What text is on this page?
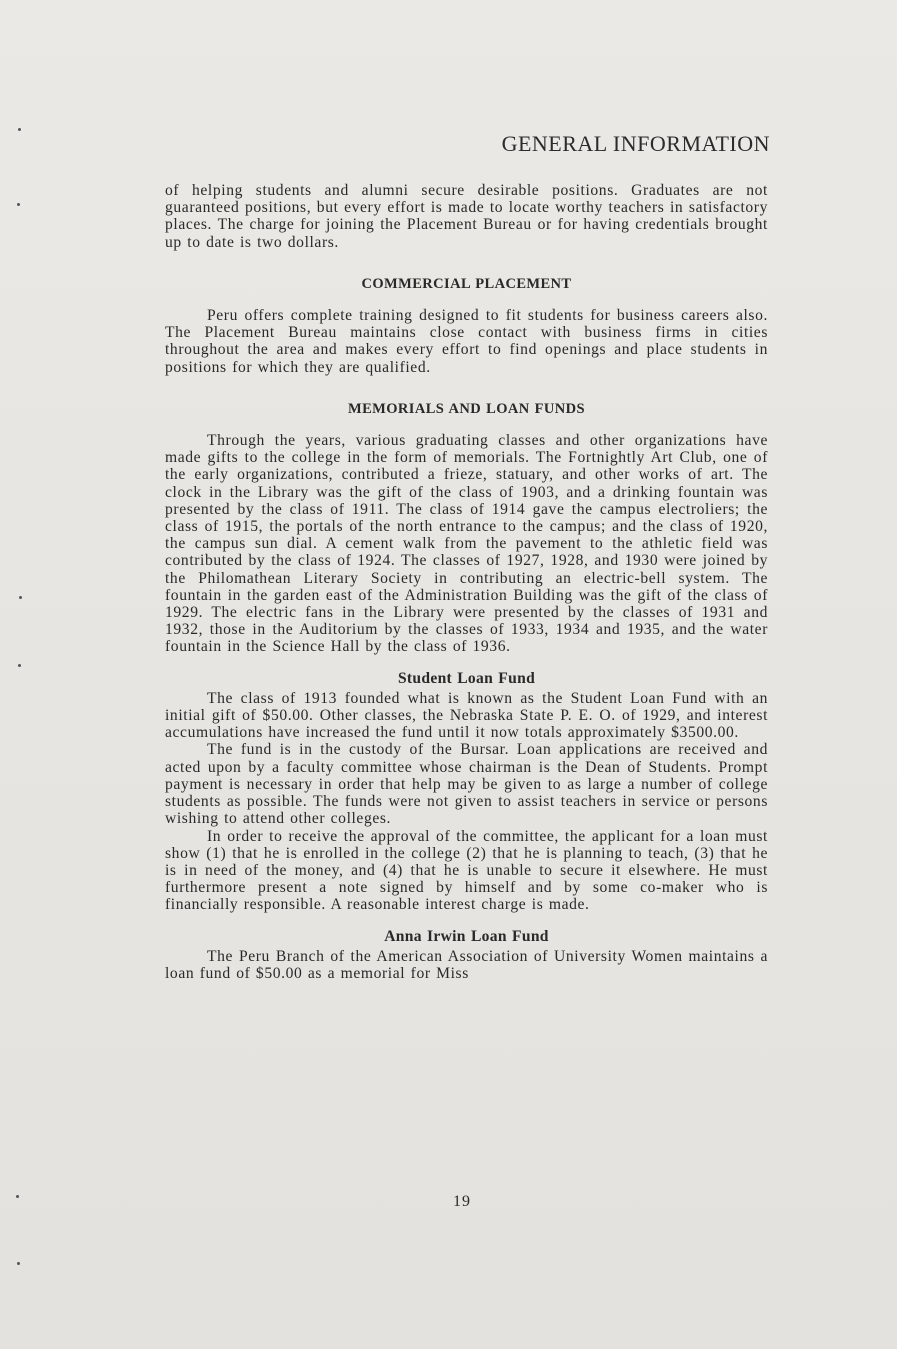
GENERAL INFORMATION

of helping students and alumni secure desirable positions. Graduates are not guaranteed positions, but every effort is made to locate worthy teachers in satisfactory places. The charge for joining the Placement Bureau or for having credentials brought up to date is two dollars.

COMMERCIAL PLACEMENT

Peru offers complete training designed to fit students for business careers also. The Placement Bureau maintains close contact with business firms in cities throughout the area and makes every effort to find openings and place students in positions for which they are qualified.

MEMORIALS AND LOAN FUNDS

Through the years, various graduating classes and other organizations have made gifts to the college in the form of memorials. The Fortnightly Art Club, one of the early organizations, contributed a frieze, statuary, and other works of art. The clock in the Library was the gift of the class of 1903, and a drinking fountain was presented by the class of 1911. The class of 1914 gave the campus electroliers; the class of 1915, the portals of the north entrance to the campus; and the class of 1920, the campus sun dial. A cement walk from the pavement to the athletic field was contributed by the class of 1924. The classes of 1927, 1928, and 1930 were joined by the Philomathean Literary Society in contributing an electric-bell system. The fountain in the garden east of the Administration Building was the gift of the class of 1929. The electric fans in the Library were presented by the classes of 1931 and 1932, those in the Auditorium by the classes of 1933, 1934 and 1935, and the water fountain in the Science Hall by the class of 1936.

Student Loan Fund

The class of 1913 founded what is known as the Student Loan Fund with an initial gift of $50.00. Other classes, the Nebraska State P. E. O. of 1929, and interest accumulations have increased the fund until it now totals approximately $3500.00.

The fund is in the custody of the Bursar. Loan applications are received and acted upon by a faculty committee whose chairman is the Dean of Students. Prompt payment is necessary in order that help may be given to as large a number of college students as possible. The funds were not given to assist teachers in service or persons wishing to attend other colleges.

In order to receive the approval of the committee, the applicant for a loan must show (1) that he is enrolled in the college (2) that he is planning to teach, (3) that he is in need of the money, and (4) that he is unable to secure it elsewhere. He must furthermore present a note signed by himself and by some co-maker who is financially responsible. A reasonable interest charge is made.

Anna Irwin Loan Fund

The Peru Branch of the American Association of University Women maintains a loan fund of $50.00 as a memorial for Miss

19
